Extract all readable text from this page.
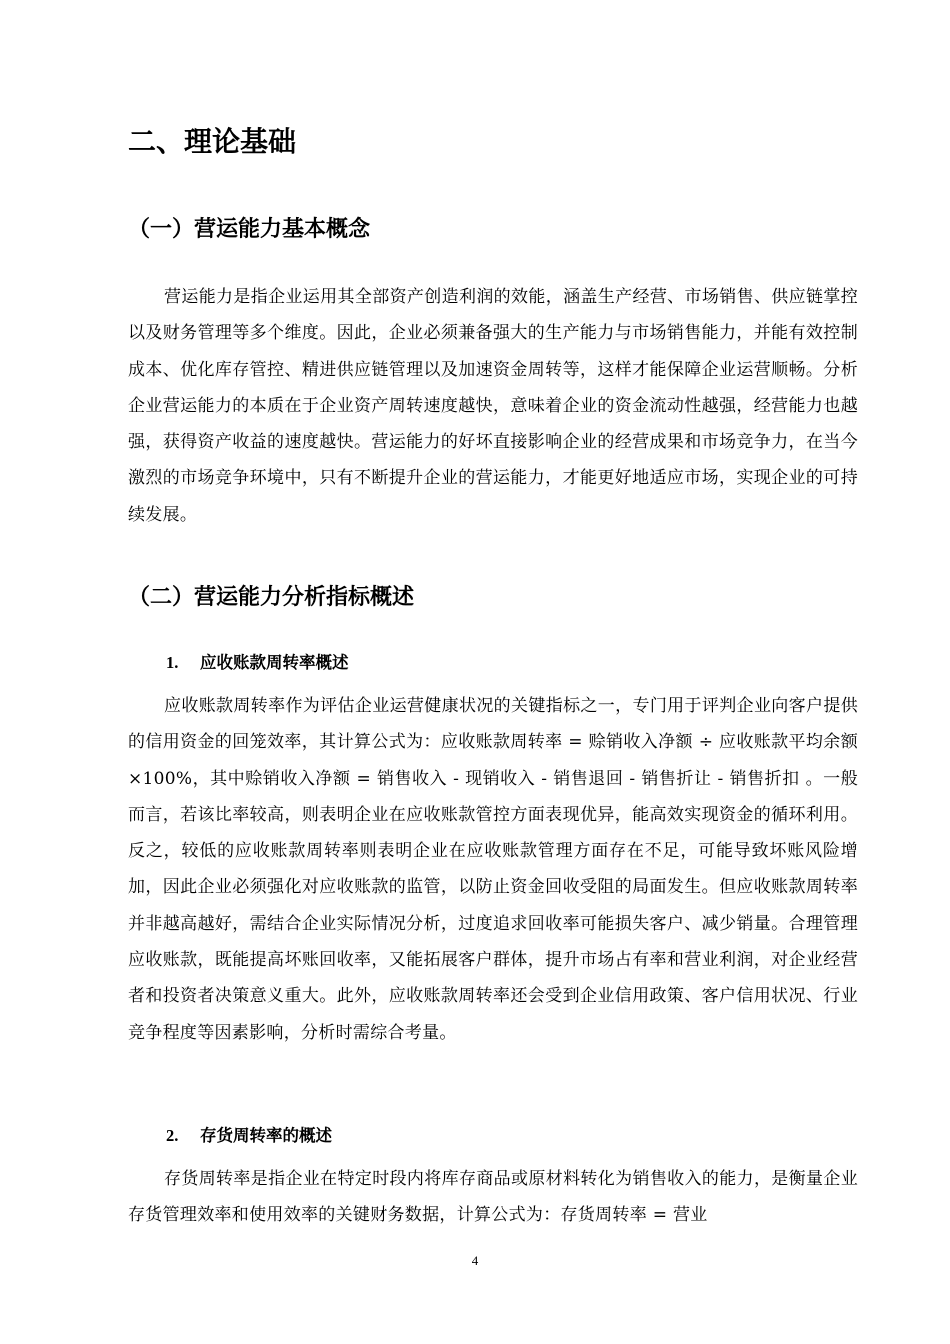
二、理论基础
（一）营运能力基本概念

营运能力是指企业运用其全部资产创造利润的效能，涵盖生产经营、市场销售、供应链掌控以及财务管理等多个维度。因此，企业必须兼备强大的生产能力与市场销售能力，并能有效控制成本、优化库存管控、精进供应链管理以及加速资金周转等，这样才能保障企业运营顺畅。分析企业营运能力的本质在于企业资产周转速度越快，意味着企业的资金流动性越强，经营能力也越强，获得资产收益的速度越快。营运能力的好坏直接影响企业的经营成果和市场竞争力，在当今激烈的市场竞争环境中，只有不断提升企业的营运能力，才能更好地适应市场，实现企业的可持续发展。

（二）营运能力分析指标概述
1. 应收账款周转率概述

应收账款周转率作为评估企业运营健康状况的关键指标之一，专门用于评判企业向客户提供的信用资金的回笼效率，其计算公式为：应收账款周转率 = 赊销收入净额 ÷ 应收账款平均余额 ×100%，其中赊销收入净额 = 销售收入 - 现销收入 - 销售退回 - 销售折让 - 销售折扣 。一般而言，若该比率较高，则表明企业在应收账款管控方面表现优异，能高效实现资金的循环利用。反之，较低的应收账款周转率则表明企业在应收账款管理方面存在不足，可能导致坏账风险增加，因此企业必须强化对应收账款的监管，以防止资金回收受阻的局面发生。但应收账款周转率并非越高越好，需结合企业实际情况分析，过度追求回收率可能损失客户、减少销量。合理管理应收账款，既能提高坏账回收率，又能拓展客户群体，提升市场占有率和营业利润，对企业经营者和投资者决策意义重大。此外，应收账款周转率还会受到企业信用政策、客户信用状况、行业竞争程度等因素影响，分析时需综合考量。

2. 存货周转率的概述

存货周转率是指企业在特定时段内将库存商品或原材料转化为销售收入的能力，是衡量企业存货管理效率和使用效率的关键财务数据，计算公式为：存货周转率 = 营业

4
